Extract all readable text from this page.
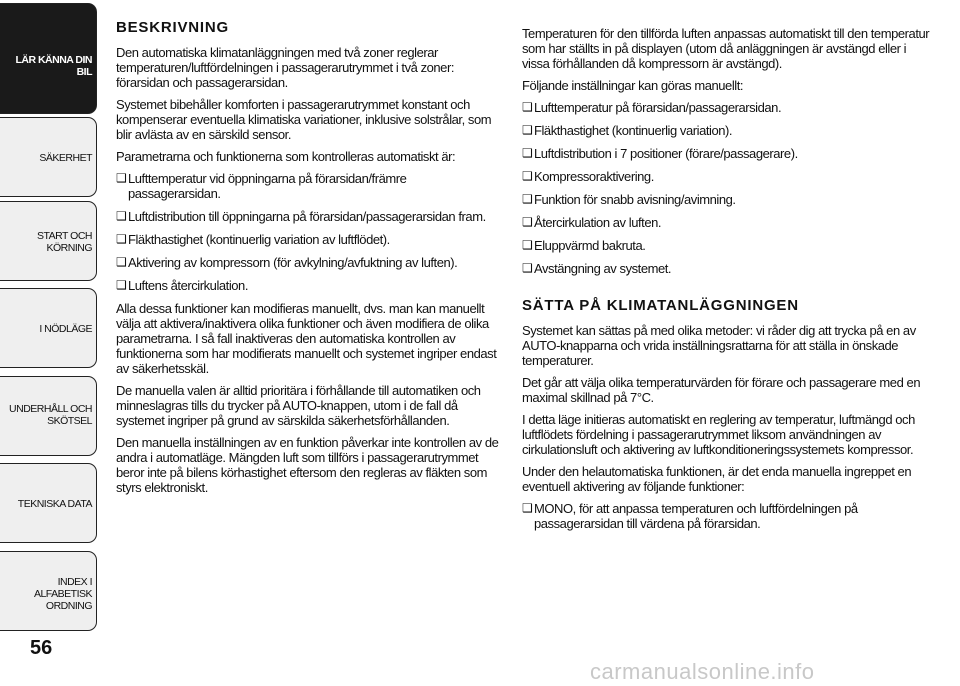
LÄR KÄNNA DIN
BIL
SÄKERHET
START OCH
KÖRNING
I NÖDLÄGE
UNDERHÅLL OCH
SKÖTSEL
TEKNISKA DATA
INDEX I ALFABETISK
ORDNING
56
BESKRIVNING

Den automatiska klimatanläggningen med två zoner reglerar temperaturen/luftfördelningen i passagerarutrymmet i två zoner: förarsidan och passagerarsidan.

Systemet bibehåller komforten i passagerarutrymmet konstant och kompenserar eventuella klimatiska variationer, inklusive solstrålar, som blir avlästa av en särskild sensor.

Parametrarna och funktionerna som kontrolleras automatiskt är:

❑ Lufttemperatur vid öppningarna på förarsidan/främre passagerarsidan.
❑ Luftdistribution till öppningarna på förarsidan/passagerarsidan fram.
❑ Fläkthastighet (kontinuerlig variation av luftflödet).
❑ Aktivering av kompressorn (för avkylning/avfuktning av luften).
❑ Luftens återcirkulation.

Alla dessa funktioner kan modifieras manuellt, dvs. man kan manuellt välja att aktivera/inaktivera olika funktioner och även modifiera de olika parametrarna. I så fall inaktiveras den automatiska kontrollen av funktionerna som har modifierats manuellt och systemet ingriper endast av säkerhetsskäl.

De manuella valen är alltid prioritära i förhållande till automatiken och minneslagras tills du trycker på AUTO-knappen, utom i de fall då systemet ingriper på grund av särskilda säkerhetsförhållanden.

Den manuella inställningen av en funktion påverkar inte kontrollen av de andra i automatläge. Mängden luft som tillförs i passagerarutrymmet beror inte på bilens körhastighet eftersom den regleras av fläkten som styrs elektroniskt.

Temperaturen för den tillförda luften anpassas automatiskt till den temperatur som har ställts in på displayen (utom då anläggningen är avstängd eller i vissa förhållanden då kompressorn är avstängd).

Följande inställningar kan göras manuellt:

❑ Lufttemperatur på förarsidan/passagerarsidan.
❑ Fläkthastighet (kontinuerlig variation).
❑ Luftdistribution i 7 positioner (förare/passagerare).
❑ Kompressoraktivering.
❑ Funktion för snabb avisning/avimning.
❑ Återcirkulation av luften.
❑ Eluppvärmd bakruta.
❑ Avstängning av systemet.
SÄTTA PÅ KLIMATANLÄGGNINGEN

Systemet kan sättas på med olika metoder: vi råder dig att trycka på en av AUTO-knapparna och vrida inställningsrattarna för att ställa in önskade temperaturer.

Det går att välja olika temperaturvärden för förare och passagerare med en maximal skillnad på 7°C.

I detta läge initieras automatiskt en reglering av temperatur, luftmängd och luftflödets fördelning i passagerarutrymmet liksom användningen av cirkulationsluft och aktivering av luftkonditioneringssystemets kompressor.

Under den helautomatiska funktionen, är det enda manuella ingreppet en eventuell aktivering av följande funktioner:

❑ MONO, för att anpassa temperaturen och luftfördelningen på passagerarsidan till värdena på förarsidan.
carmanualsonline.info
